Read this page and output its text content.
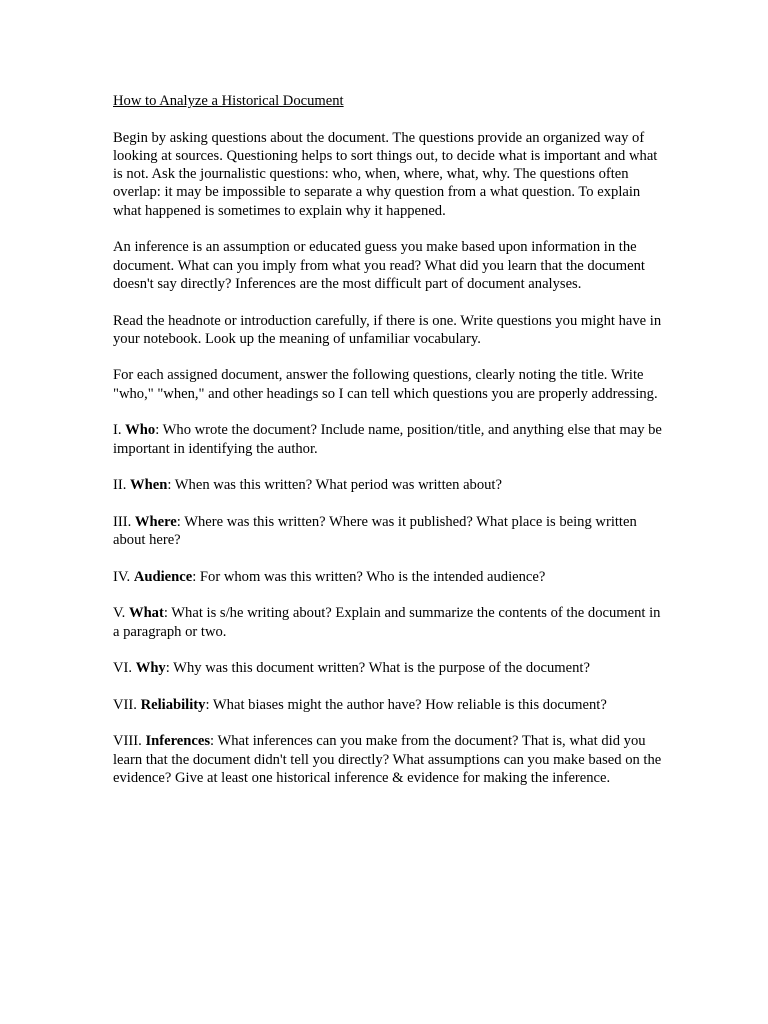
How to Analyze a Historical Document

Begin by asking questions about the document. The questions provide an organized way of looking at sources. Questioning helps to sort things out, to decide what is important and what is not. Ask the journalistic questions: who, when, where, what, why. The questions often overlap: it may be impossible to separate a why question from a what question. To explain what happened is sometimes to explain why it happened.

An inference is an assumption or educated guess you make based upon information in the document. What can you imply from what you read? What did you learn that the document doesn't say directly? Inferences are the most difficult part of document analyses.

Read the headnote or introduction carefully, if there is one. Write questions you might have in your notebook. Look up the meaning of unfamiliar vocabulary.

For each assigned document, answer the following questions, clearly noting the title. Write "who," "when," and other headings so I can tell which questions you are properly addressing.

I. Who: Who wrote the document? Include name, position/title, and anything else that may be important in identifying the author.

II. When: When was this written? What period was written about?

III. Where: Where was this written? Where was it published? What place is being written about here?

IV. Audience: For whom was this written? Who is the intended audience?

V. What: What is s/he writing about? Explain and summarize the contents of the document in a paragraph or two.

VI. Why: Why was this document written? What is the purpose of the document?

VII. Reliability: What biases might the author have? How reliable is this document?

VIII. Inferences: What inferences can you make from the document? That is, what did you learn that the document didn't tell you directly? What assumptions can you make based on the evidence? Give at least one historical inference & evidence for making the inference.
